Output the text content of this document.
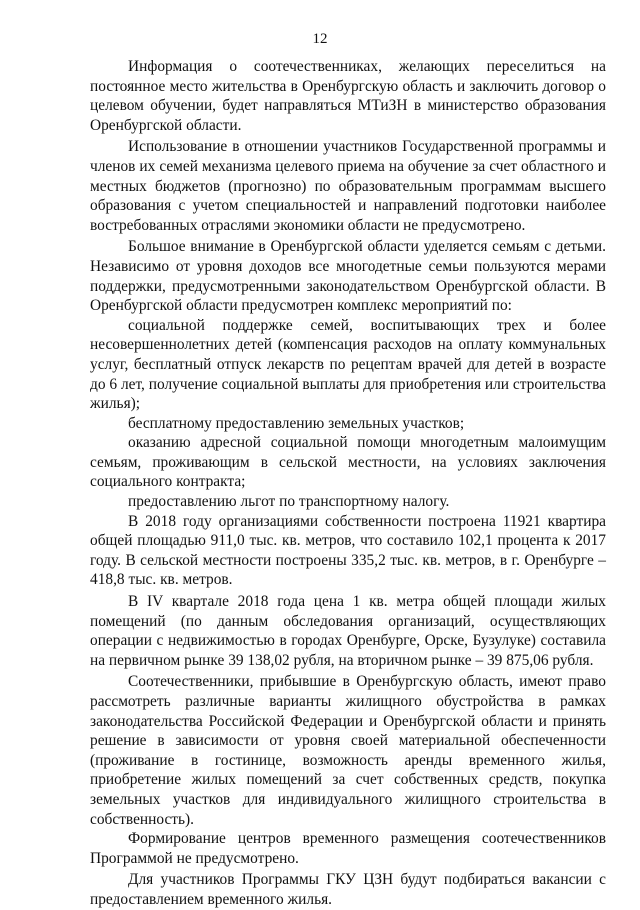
12

Информация о соотечественниках, желающих переселиться на постоянное место жительства в Оренбургскую область и заключить договор о целевом обучении, будет направляться МТиЗН в министерство образования Оренбургской области.

Использование в отношении участников Государственной программы и членов их семей механизма целевого приема на обучение за счет областного и местных бюджетов (прогнозно) по образовательным программам высшего образования с учетом специальностей и направлений подготовки наиболее востребованных отраслями экономики области не предусмотрено.

Большое внимание в Оренбургской области уделяется семьям с детьми. Независимо от уровня доходов все многодетные семьи пользуются мерами поддержки, предусмотренными законодательством Оренбургской области. В Оренбургской области предусмотрен комплекс мероприятий по:

социальной поддержке семей, воспитывающих трех и более несовершеннолетних детей (компенсация расходов на оплату коммунальных услуг, бесплатный отпуск лекарств по рецептам врачей для детей в возрасте до 6 лет, получение социальной выплаты для приобретения или строительства жилья);

бесплатному предоставлению земельных участков;

оказанию адресной социальной помощи многодетным малоимущим семьям, проживающим в сельской местности, на условиях заключения социального контракта;

предоставлению льгот по транспортному налогу.

В 2018 году организациями собственности построена 11921 квартира общей площадью 911,0 тыс. кв. метров, что составило 102,1 процента к 2017 году. В сельской местности построены 335,2 тыс. кв. метров, в г. Оренбурге – 418,8 тыс. кв. метров.

В IV квартале 2018 года цена 1 кв. метра общей площади жилых помещений (по данным обследования организаций, осуществляющих операции с недвижимостью в городах Оренбурге, Орске, Бузулуке) составила на первичном рынке 39 138,02 рубля, на вторичном рынке – 39 875,06 рубля.

Соотечественники, прибывшие в Оренбургскую область, имеют право рассмотреть различные варианты жилищного обустройства в рамках законодательства Российской Федерации и Оренбургской области и принять решение в зависимости от уровня своей материальной обеспеченности (проживание в гостинице, возможность аренды временного жилья, приобретение жилых помещений за счет собственных средств, покупка земельных участков для индивидуального жилищного строительства в собственность).

Формирование центров временного размещения соотечественников Программой не предусмотрено.

Для участников Программы ГКУ ЦЗН будут подбираться вакансии с предоставлением временного жилья.
